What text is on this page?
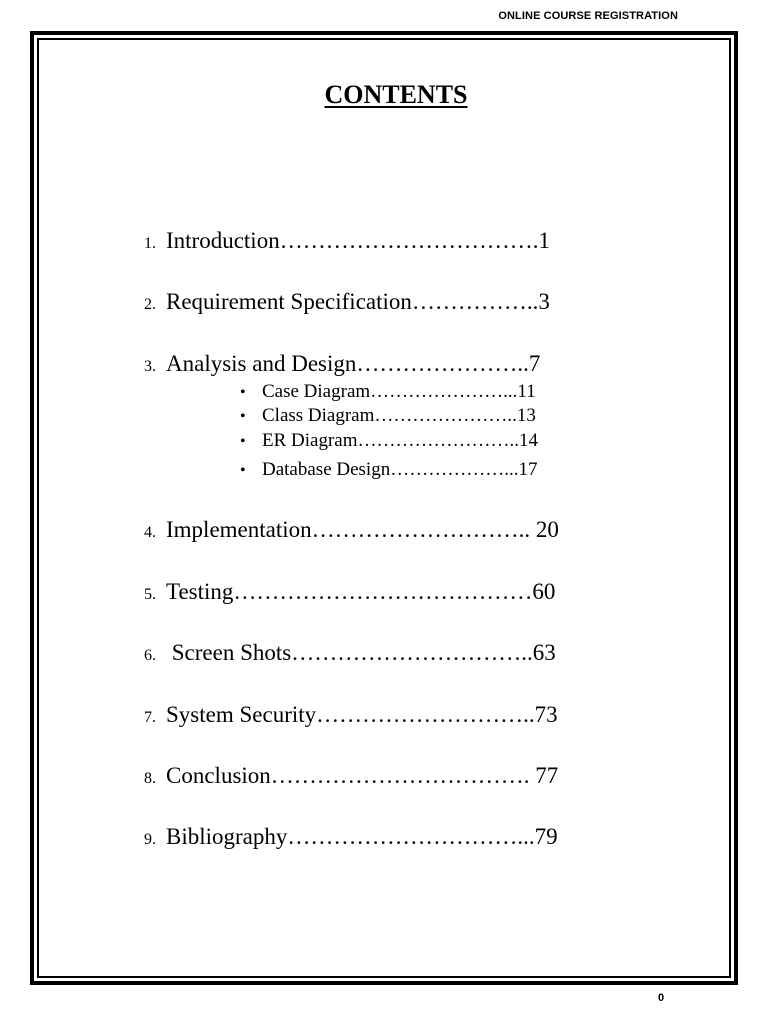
ONLINE COURSE REGISTRATION
CONTENTS
1. Introduction…………………………….1
2. Requirement Specification……………..3
3. Analysis and Design…………………..7
• Case Diagram…………………...11
• Class Diagram…………………..13
• ER Diagram……………………..14
• Database Design………………...17
4. Implementation……………………….. 20
5. Testing…………………………………60
6. Screen Shots…………………………..63
7. System Security………………………..73
8. Conclusion……………………………. 77
9. Bibliography…………………………...79
0
